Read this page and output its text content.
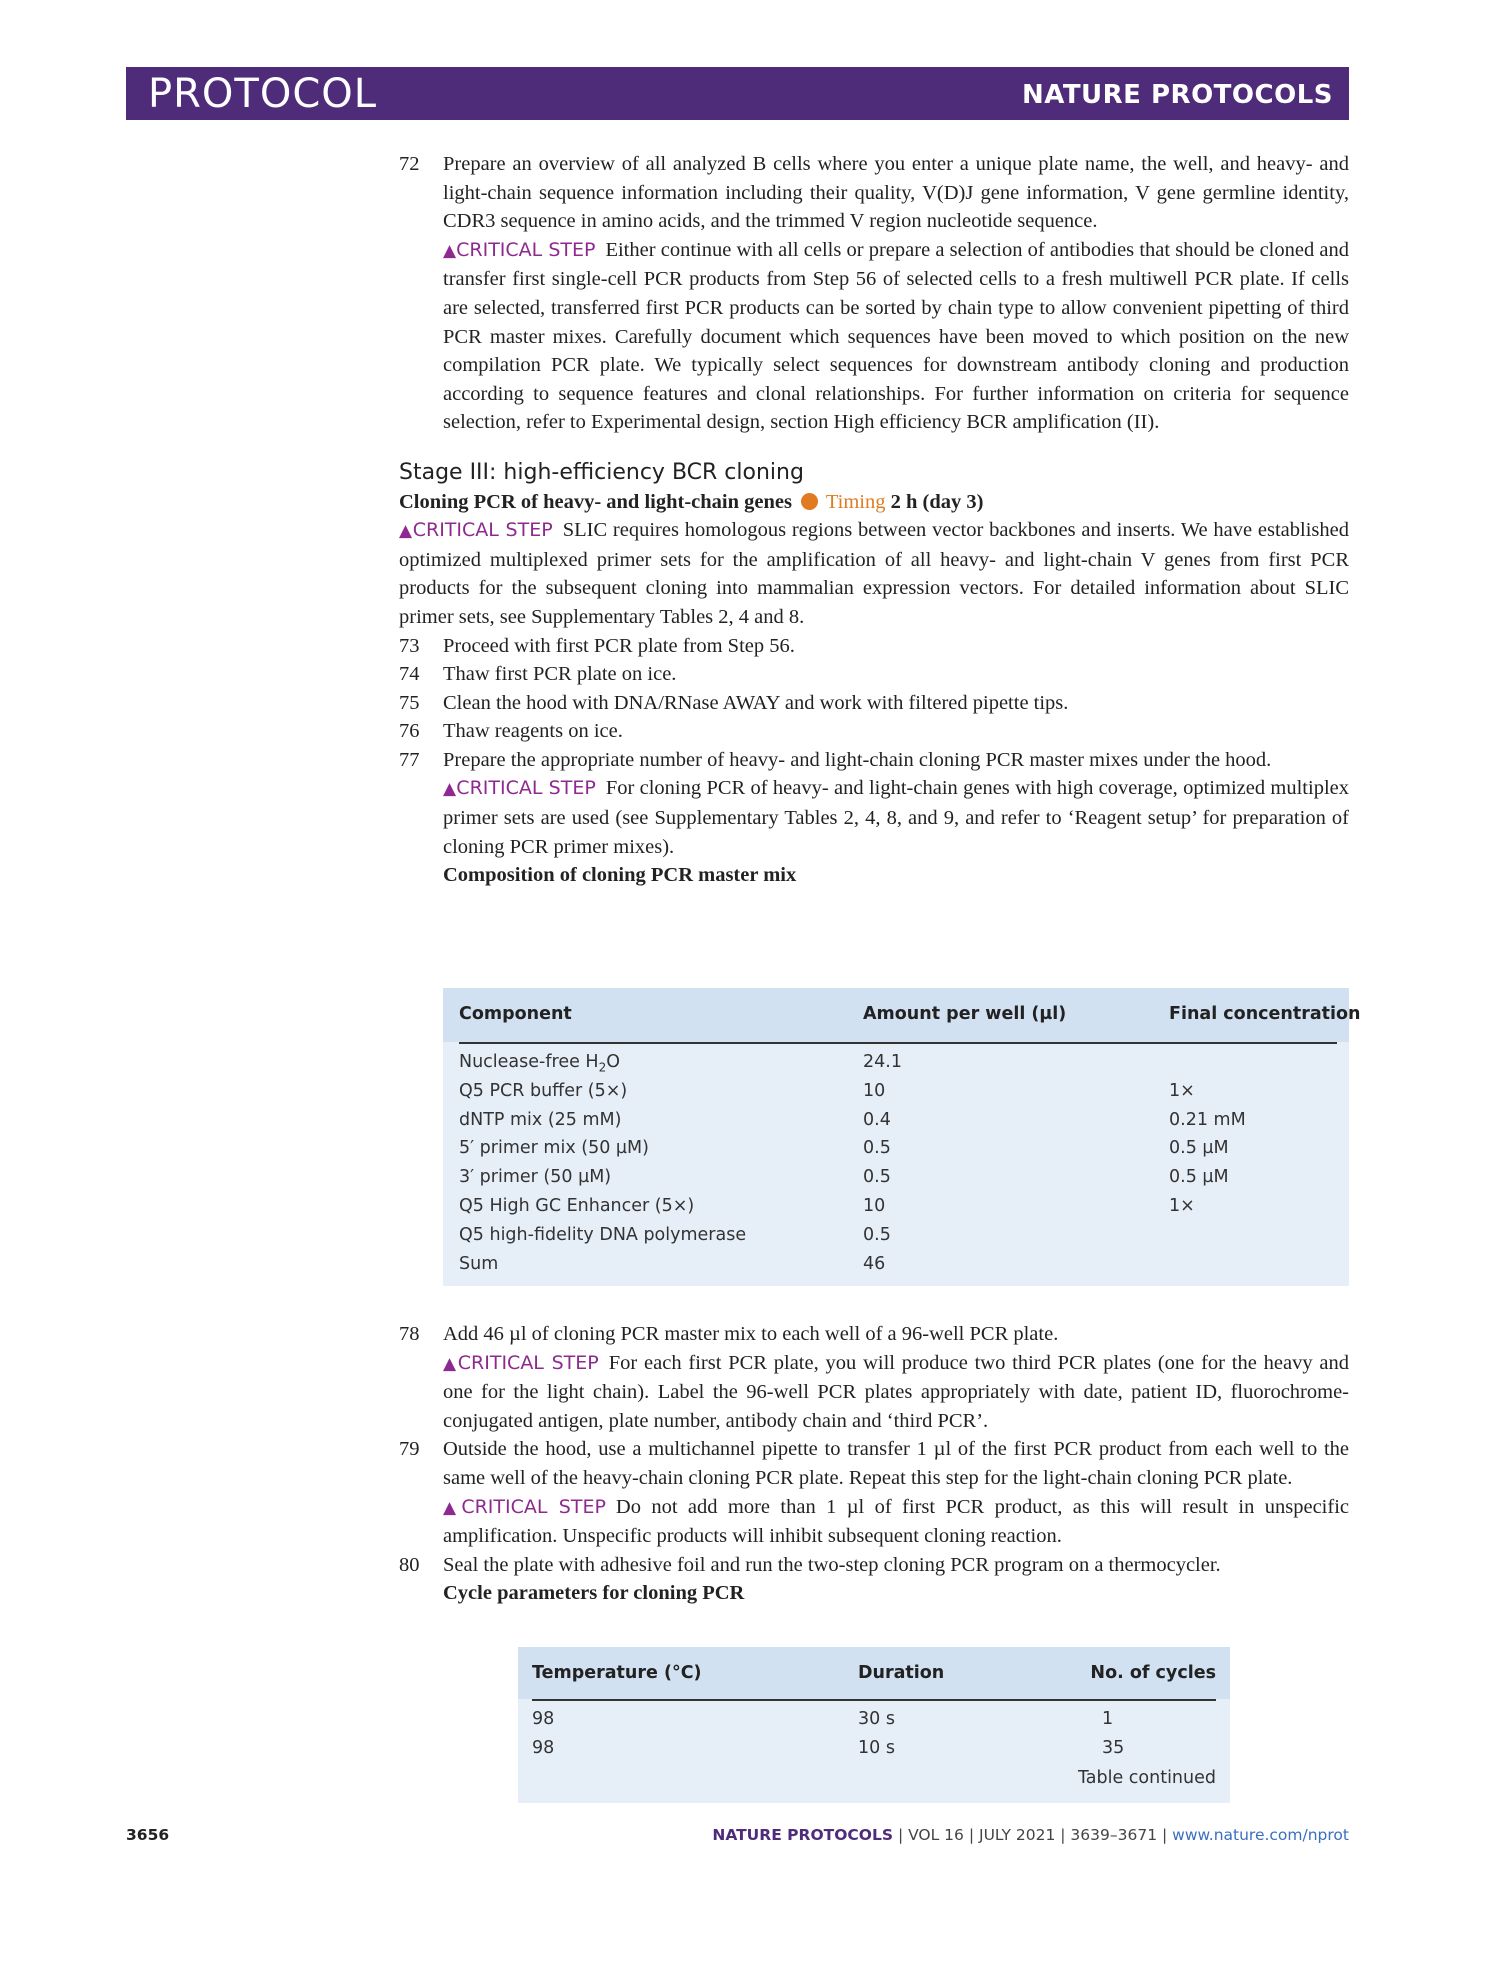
PROTOCOL	NATURE PROTOCOLS
72 Prepare an overview of all analyzed B cells where you enter a unique plate name, the well, and heavy- and light-chain sequence information including their quality, V(D)J gene information, V gene germline identity, CDR3 sequence in amino acids, and the trimmed V region nucleotide sequence.
▲CRITICAL STEP Either continue with all cells or prepare a selection of antibodies that should be cloned and transfer first single-cell PCR products from Step 56 of selected cells to a fresh multiwell PCR plate. If cells are selected, transferred first PCR products can be sorted by chain type to allow convenient pipetting of third PCR master mixes. Carefully document which sequences have been moved to which position on the new compilation PCR plate. We typically select sequences for downstream antibody cloning and production according to sequence features and clonal relationships. For further information on criteria for sequence selection, refer to Experimental design, section High efficiency BCR amplification (II).
Stage III: high-efficiency BCR cloning
Cloning PCR of heavy- and light-chain genes Timing 2 h (day 3)
▲CRITICAL STEP SLIC requires homologous regions between vector backbones and inserts. We have established optimized multiplexed primer sets for the amplification of all heavy- and light-chain V genes from first PCR products for the subsequent cloning into mammalian expression vectors. For detailed information about SLIC primer sets, see Supplementary Tables 2, 4 and 8.
73 Proceed with first PCR plate from Step 56.
74 Thaw first PCR plate on ice.
75 Clean the hood with DNA/RNase AWAY and work with filtered pipette tips.
76 Thaw reagents on ice.
77 Prepare the appropriate number of heavy- and light-chain cloning PCR master mixes under the hood.
▲CRITICAL STEP For cloning PCR of heavy- and light-chain genes with high coverage, optimized multiplex primer sets are used (see Supplementary Tables 2, 4, 8, and 9, and refer to ‘Reagent setup’ for preparation of cloning PCR primer mixes).
Composition of cloning PCR master mix
Component	Amount per well (µl)	Final concentration
Nuclease-free $H_2O$	24.1
Q5 PCR buffer (5×)	10	1×
dNTP mix (25 mM)	0.4	0.21 mM
5′ primer mix (50 µM)	0.5	0.5 µM
3′ primer (50 µM)	0.5	0.5 µM
Q5 High GC Enhancer (5×)	10	1×
Q5 high-fidelity DNA polymerase	0.5
Sum	46
78 Add 46 µl of cloning PCR master mix to each well of a 96-well PCR plate.
▲CRITICAL STEP For each first PCR plate, you will produce two third PCR plates (one for the heavy and one for the light chain). Label the 96-well PCR plates appropriately with date, patient ID, fluorochrome-conjugated antigen, plate number, antibody chain and ‘third PCR’.
79 Outside the hood, use a multichannel pipette to transfer 1 µl of the first PCR product from each well to the same well of the heavy-chain cloning PCR plate. Repeat this step for the light-chain cloning PCR plate.
▲CRITICAL STEP Do not add more than 1 µl of first PCR product, as this will result in unspecific amplification. Unspecific products will inhibit subsequent cloning reaction.
80 Seal the plate with adhesive foil and run the two-step cloning PCR program on a thermocycler.
Cycle parameters for cloning PCR
Temperature (°C)	Duration	No. of cycles
98	30 s	1
98	10 s	35
Table continued
3656	NATURE PROTOCOLS | VOL 16 | JULY 2021 | 3639–3671 | www.nature.com/nprot
